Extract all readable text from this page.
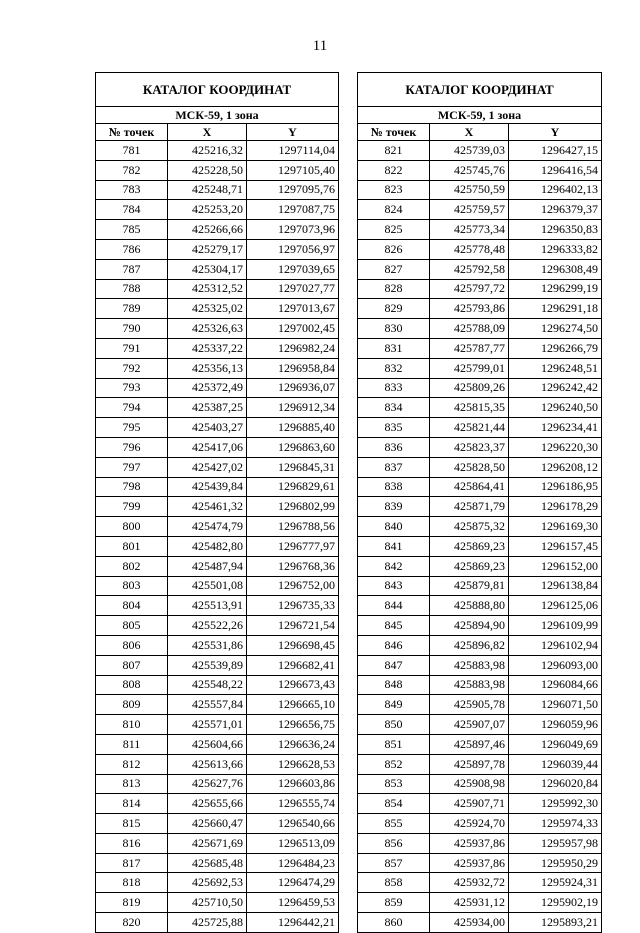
11
КАТАЛОГ КООРДИНАТ		
МСК-59, 1 зона		
№ точек	X	Y
781	425216,32	1297114,04
782	425228,50	1297105,40
783	425248,71	1297095,76
784	425253,20	1297087,75
785	425266,66	1297073,96
786	425279,17	1297056,97
787	425304,17	1297039,65
788	425312,52	1297027,77
789	425325,02	1297013,67
790	425326,63	1297002,45
791	425337,22	1296982,24
792	425356,13	1296958,84
793	425372,49	1296936,07
794	425387,25	1296912,34
795	425403,27	1296885,40
796	425417,06	1296863,60
797	425427,02	1296845,31
798	425439,84	1296829,61
799	425461,32	1296802,99
800	425474,79	1296788,56
801	425482,80	1296777,97
802	425487,94	1296768,36
803	425501,08	1296752,00
804	425513,91	1296735,33
805	425522,26	1296721,54
806	425531,86	1296698,45
807	425539,89	1296682,41
808	425548,22	1296673,43
809	425557,84	1296665,10
810	425571,01	1296656,75
811	425604,66	1296636,24
812	425613,66	1296628,53
813	425627,76	1296603,86
814	425655,66	1296555,74
815	425660,47	1296540,66
816	425671,69	1296513,09
817	425685,48	1296484,23
818	425692,53	1296474,29
819	425710,50	1296459,53
820	425725,88	1296442,21
КАТАЛОГ КООРДИНАТ		
МСК-59, 1 зона		
№ точек	X	Y
821	425739,03	1296427,15
822	425745,76	1296416,54
823	425750,59	1296402,13
824	425759,57	1296379,37
825	425773,34	1296350,83
826	425778,48	1296333,82
827	425792,58	1296308,49
828	425797,72	1296299,19
829	425793,86	1296291,18
830	425788,09	1296274,50
831	425787,77	1296266,79
832	425799,01	1296248,51
833	425809,26	1296242,42
834	425815,35	1296240,50
835	425821,44	1296234,41
836	425823,37	1296220,30
837	425828,50	1296208,12
838	425864,41	1296186,95
839	425871,79	1296178,29
840	425875,32	1296169,30
841	425869,23	1296157,45
842	425869,23	1296152,00
843	425879,81	1296138,84
844	425888,80	1296125,06
845	425894,90	1296109,99
846	425896,82	1296102,94
847	425883,98	1296093,00
848	425883,98	1296084,66
849	425905,78	1296071,50
850	425907,07	1296059,96
851	425897,46	1296049,69
852	425897,78	1296039,44
853	425908,98	1296020,84
854	425907,71	1295992,30
855	425924,70	1295974,33
856	425937,86	1295957,98
857	425937,86	1295950,29
858	425932,72	1295924,31
859	425931,12	1295902,19
860	425934,00	1295893,21
